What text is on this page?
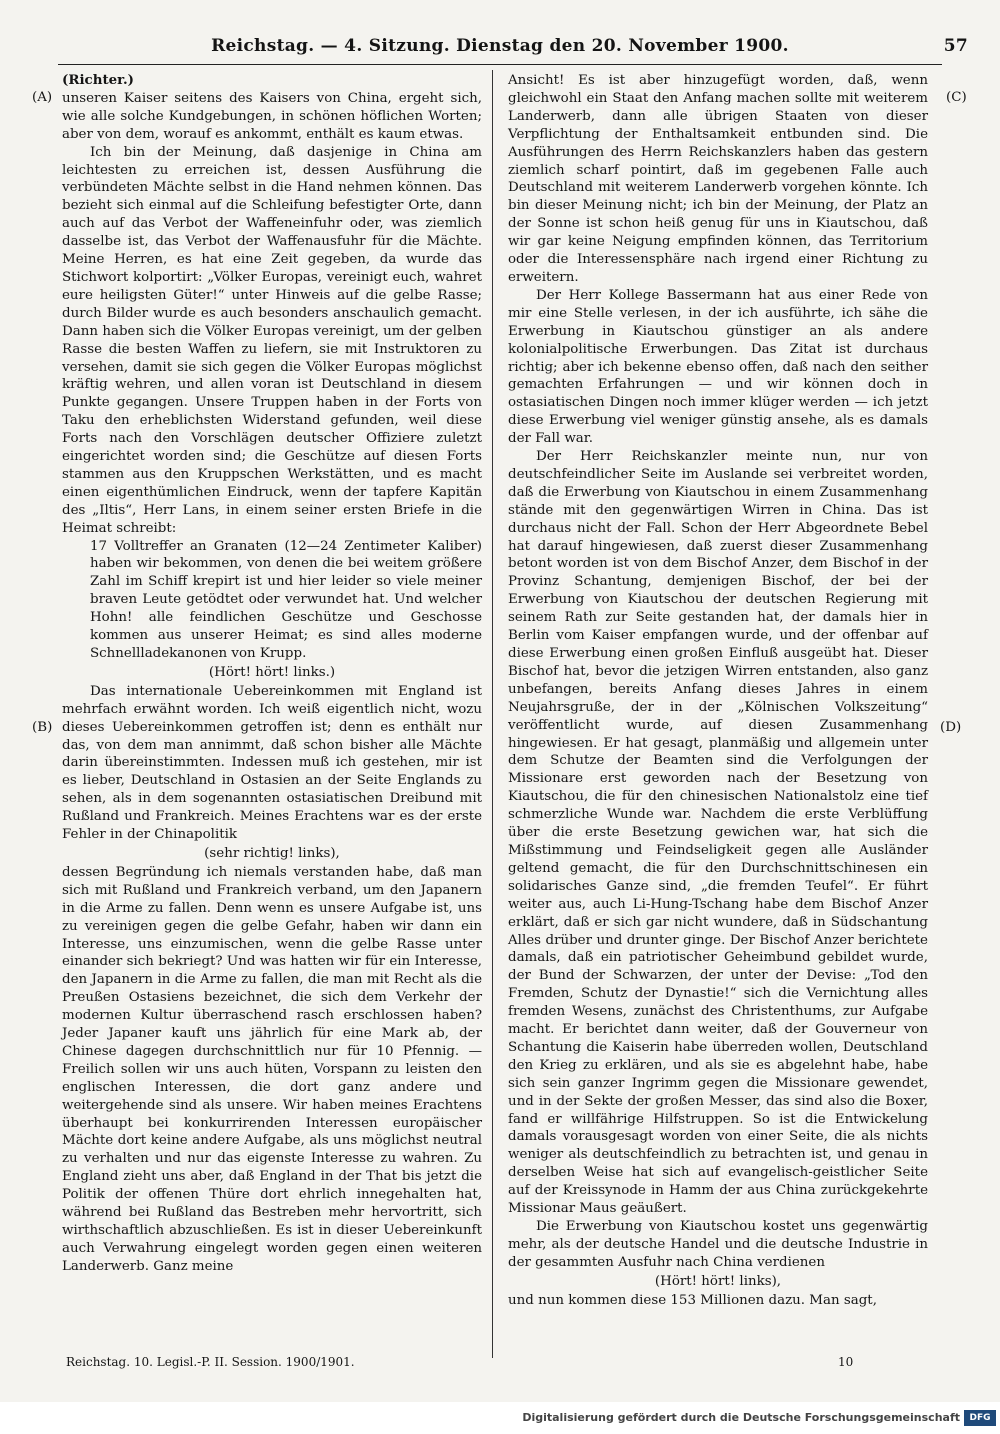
Reichstag. — 4. Sitzung. Dienstag den 20. November 1900.	57
(A)
(B)
(C)
(D)

(Richter.)

unseren Kaiser seitens des Kaisers von China, ergeht sich, wie alle solche Kundgebungen, in schönen höflichen Worten; aber von dem, worauf es ankommt, enthält es kaum etwas.

Ich bin der Meinung, daß dasjenige in China am leichtesten zu erreichen ist, dessen Ausführung die verbündeten Mächte selbst in die Hand nehmen können. Das bezieht sich einmal auf die Schleifung befestigter Orte, dann auch auf das Verbot der Waffeneinfuhr oder, was ziemlich dasselbe ist, das Verbot der Waffenausfuhr für die Mächte. Meine Herren, es hat eine Zeit gegeben, da wurde das Stichwort kolportirt: „Völker Europas, vereinigt euch, wahret eure heiligsten Güter!“ unter Hinweis auf die gelbe Rasse; durch Bilder wurde es auch besonders anschaulich gemacht. Dann haben sich die Völker Europas vereinigt, um der gelben Rasse die besten Waffen zu liefern, sie mit Instruktoren zu versehen, damit sie sich gegen die Völker Europas möglichst kräftig wehren, und allen voran ist Deutschland in diesem Punkte gegangen. Unsere Truppen haben in der Forts von Taku den erheblichsten Widerstand gefunden, weil diese Forts nach den Vorschlägen deutscher Offiziere zuletzt eingerichtet worden sind; die Geschütze auf diesen Forts stammen aus den Kruppschen Werkstätten, und es macht einen eigenthümlichen Eindruck, wenn der tapfere Kapitän des „Iltis“, Herr Lans, in einem seiner ersten Briefe in die Heimat schreibt:

17 Volltreffer an Granaten (12—24 Zentimeter Kaliber) haben wir bekommen, von denen die bei weitem größere Zahl im Schiff krepirt ist und hier leider so viele meiner braven Leute getödtet oder verwundet hat. Und welcher Hohn! alle feindlichen Geschütze und Geschosse kommen aus unserer Heimat; es sind alles moderne Schnellladekanonen von Krupp.

(Hört! hört! links.)

Das internationale Uebereinkommen mit England ist mehrfach erwähnt worden. Ich weiß eigentlich nicht, wozu dieses Uebereinkommen getroffen ist; denn es enthält nur das, von dem man annimmt, daß schon bisher alle Mächte darin übereinstimmten. Indessen muß ich gestehen, mir ist es lieber, Deutschland in Ostasien an der Seite Englands zu sehen, als in dem sogenannten ostasiatischen Dreibund mit Rußland und Frankreich. Meines Erachtens war es der erste Fehler in der Chinapolitik

(sehr richtig! links),

dessen Begründung ich niemals verstanden habe, daß man sich mit Rußland und Frankreich verband, um den Japanern in die Arme zu fallen. Denn wenn es unsere Aufgabe ist, uns zu vereinigen gegen die gelbe Gefahr, haben wir dann ein Interesse, uns einzumischen, wenn die gelbe Rasse unter einander sich bekriegt? Und was hatten wir für ein Interesse, den Japanern in die Arme zu fallen, die man mit Recht als die Preußen Ostasiens bezeichnet, die sich dem Verkehr der modernen Kultur überraschend rasch erschlossen haben? Jeder Japaner kauft uns jährlich für eine Mark ab, der Chinese dagegen durchschnittlich nur für 10 Pfennig. — Freilich sollen wir uns auch hüten, Vorspann zu leisten den englischen Interessen, die dort ganz andere und weitergehende sind als unsere. Wir haben meines Erachtens überhaupt bei konkurrirenden Interessen europäischer Mächte dort keine andere Aufgabe, als uns möglichst neutral zu verhalten und nur das eigenste Interesse zu wahren. Zu England zieht uns aber, daß England in der That bis jetzt die Politik der offenen Thüre dort ehrlich innegehalten hat, während bei Rußland das Bestreben mehr hervortritt, sich wirthschaftlich abzuschließen. Es ist in dieser Uebereinkunft auch Verwahrung eingelegt worden gegen einen weiteren Landerwerb. Ganz meine

Ansicht! Es ist aber hinzugefügt worden, daß, wenn gleichwohl ein Staat den Anfang machen sollte mit weiterem Landerwerb, dann alle übrigen Staaten von dieser Verpflichtung der Enthaltsamkeit entbunden sind. Die Ausführungen des Herrn Reichskanzlers haben das gestern ziemlich scharf pointirt, daß im gegebenen Falle auch Deutschland mit weiterem Landerwerb vorgehen könnte. Ich bin dieser Meinung nicht; ich bin der Meinung, der Platz an der Sonne ist schon heiß genug für uns in Kiautschou, daß wir gar keine Neigung empfinden können, das Territorium oder die Interessensphäre nach irgend einer Richtung zu erweitern.

Der Herr Kollege Bassermann hat aus einer Rede von mir eine Stelle verlesen, in der ich ausführte, ich sähe die Erwerbung in Kiautschou günstiger an als andere kolonialpolitische Erwerbungen. Das Zitat ist durchaus richtig; aber ich bekenne ebenso offen, daß nach den seither gemachten Erfahrungen — und wir können doch in ostasiatischen Dingen noch immer klüger werden — ich jetzt diese Erwerbung viel weniger günstig ansehe, als es damals der Fall war.

Der Herr Reichskanzler meinte nun, nur von deutschfeindlicher Seite im Auslande sei verbreitet worden, daß die Erwerbung von Kiautschou in einem Zusammenhang stände mit den gegenwärtigen Wirren in China. Das ist durchaus nicht der Fall. Schon der Herr Abgeordnete Bebel hat darauf hingewiesen, daß zuerst dieser Zusammenhang betont worden ist von dem Bischof Anzer, dem Bischof in der Provinz Schantung, demjenigen Bischof, der bei der Erwerbung von Kiautschou der deutschen Regierung mit seinem Rath zur Seite gestanden hat, der damals hier in Berlin vom Kaiser empfangen wurde, und der offenbar auf diese Erwerbung einen großen Einfluß ausgeübt hat. Dieser Bischof hat, bevor die jetzigen Wirren entstanden, also ganz unbefangen, bereits Anfang dieses Jahres in einem Neujahrsgruße, der in der „Kölnischen Volkszeitung“ veröffentlicht wurde, auf diesen Zusammenhang hingewiesen. Er hat gesagt, planmäßig und allgemein unter dem Schutze der Beamten sind die Verfolgungen der Missionare erst geworden nach der Besetzung von Kiautschou, die für den chinesischen Nationalstolz eine tief schmerzliche Wunde war. Nachdem die erste Verblüffung über die erste Besetzung gewichen war, hat sich die Mißstimmung und Feindseligkeit gegen alle Ausländer geltend gemacht, die für den Durchschnittschinesen ein solidarisches Ganze sind, „die fremden Teufel“. Er führt weiter aus, auch Li-Hung-Tschang habe dem Bischof Anzer erklärt, daß er sich gar nicht wundere, daß in Südschantung Alles drüber und drunter ginge. Der Bischof Anzer berichtete damals, daß ein patriotischer Geheimbund gebildet wurde, der Bund der Schwarzen, der unter der Devise: „Tod den Fremden, Schutz der Dynastie!“ sich die Vernichtung alles fremden Wesens, zunächst des Christenthums, zur Aufgabe macht. Er berichtet dann weiter, daß der Gouverneur von Schantung die Kaiserin habe überreden wollen, Deutschland den Krieg zu erklären, und als sie es abgelehnt habe, habe sich sein ganzer Ingrimm gegen die Missionare gewendet, und in der Sekte der großen Messer, das sind also die Boxer, fand er willfährige Hilfstruppen. So ist die Entwickelung damals vorausgesagt worden von einer Seite, die als nichts weniger als deutschfeindlich zu betrachten ist, und genau in derselben Weise hat sich auf evangelisch-geistlicher Seite auf der Kreissynode in Hamm der aus China zurückgekehrte Missionar Maus geäußert.

Die Erwerbung von Kiautschou kostet uns gegenwärtig mehr, als der deutsche Handel und die deutsche Industrie in der gesammten Ausfuhr nach China verdienen

(Hört! hört! links),

und nun kommen diese 153 Millionen dazu. Man sagt,

Reichstag. 10. Legisl.-P. II. Session. 1900/1901.	10
Digitalisierung gefördert durch die Deutsche Forschungsgemeinschaft	DFG
